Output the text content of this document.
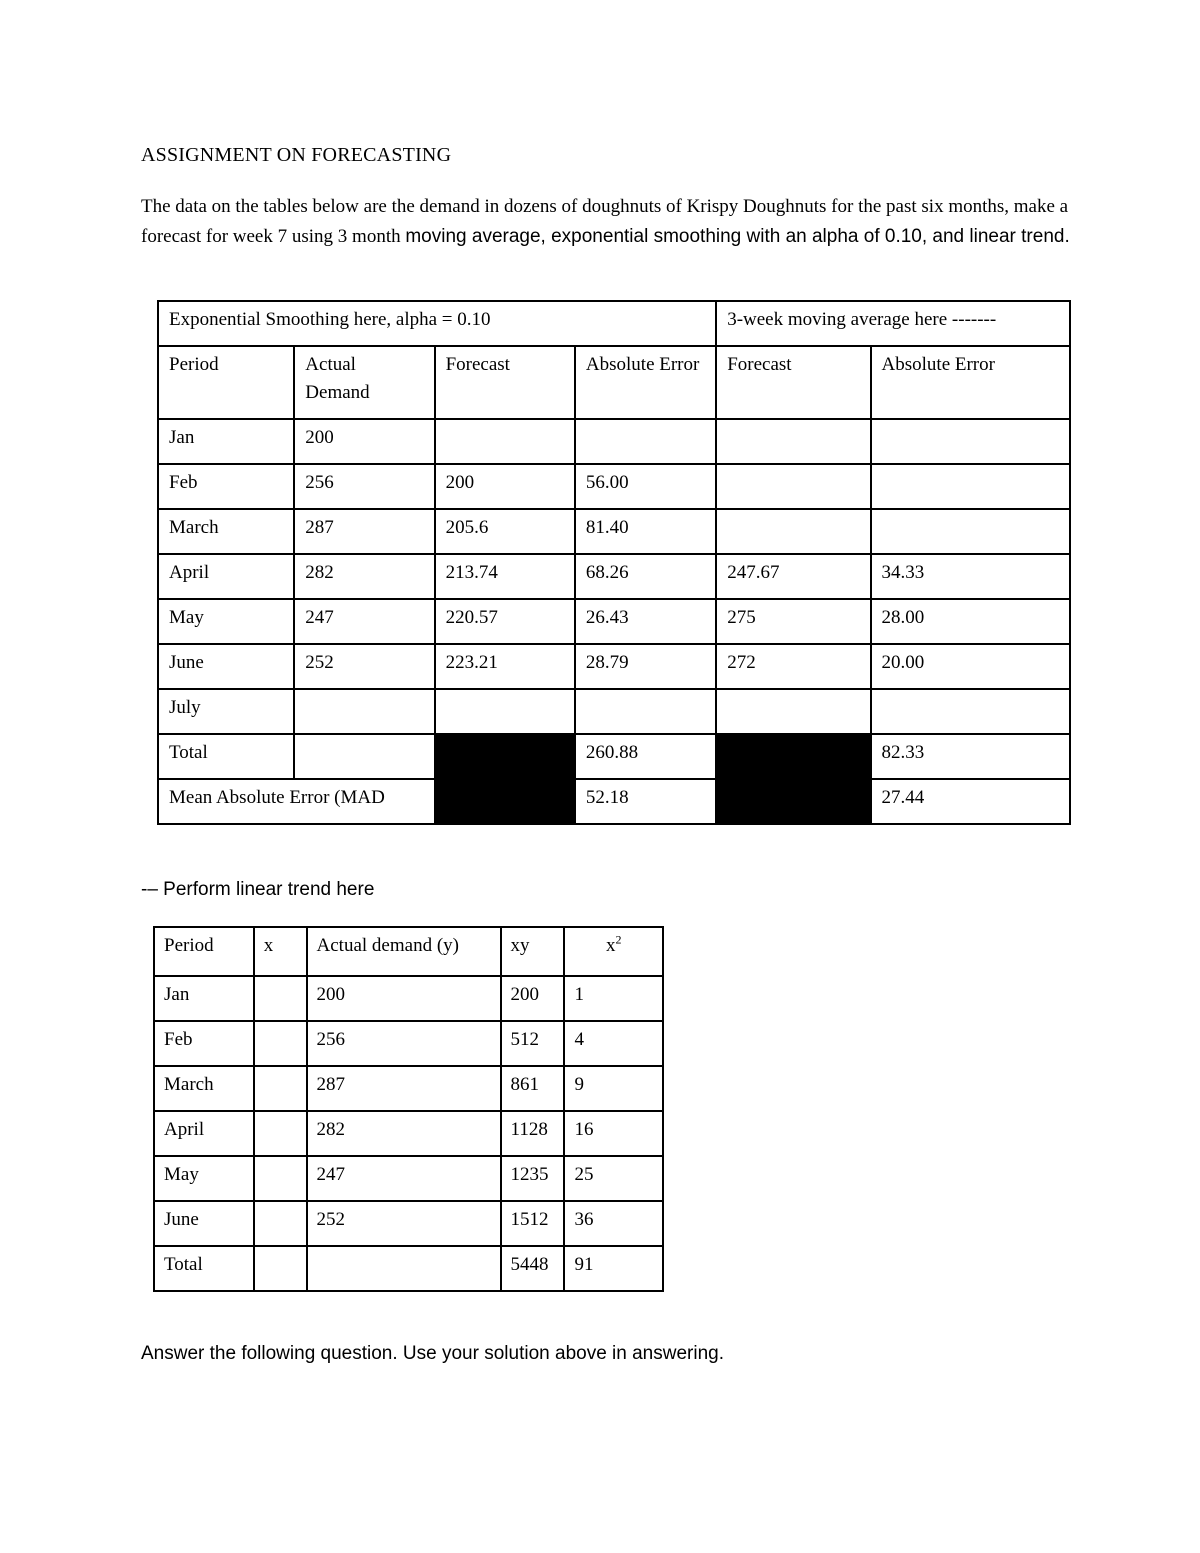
ASSIGNMENT ON FORECASTING
The data on the tables below are the demand in dozens of doughnuts of Krispy Doughnuts for the past six months, make a forecast for week 7 using 3 month moving average, exponential smoothing with an alpha of 0.10, and linear trend.
Exponential Smoothing here, alpha = 0.10				3-week moving average here -------	
Period	Actual Demand	Forecast	Absolute Error	Forecast	Absolute Error
Jan	200				
Feb	256	200	56.00		
March	287	205.6	81.40		
April	282	213.74	68.26	247.67	34.33
May	247	220.57	26.43	275	28.00
June	252	223.21	28.79	272	20.00
July					
Total			260.88		82.33
Mean Absolute Error (MAD			52.18		27.44
-– Perform linear trend here
Period	x	Actual demand (y)	xy	$x^2$
Jan		200	200	1
Feb		256	512	4
March		287	861	9
April		282	1128	16
May		247	1235	25
June		252	1512	36
Total			5448	91
Answer the following question. Use your solution above in answering.
